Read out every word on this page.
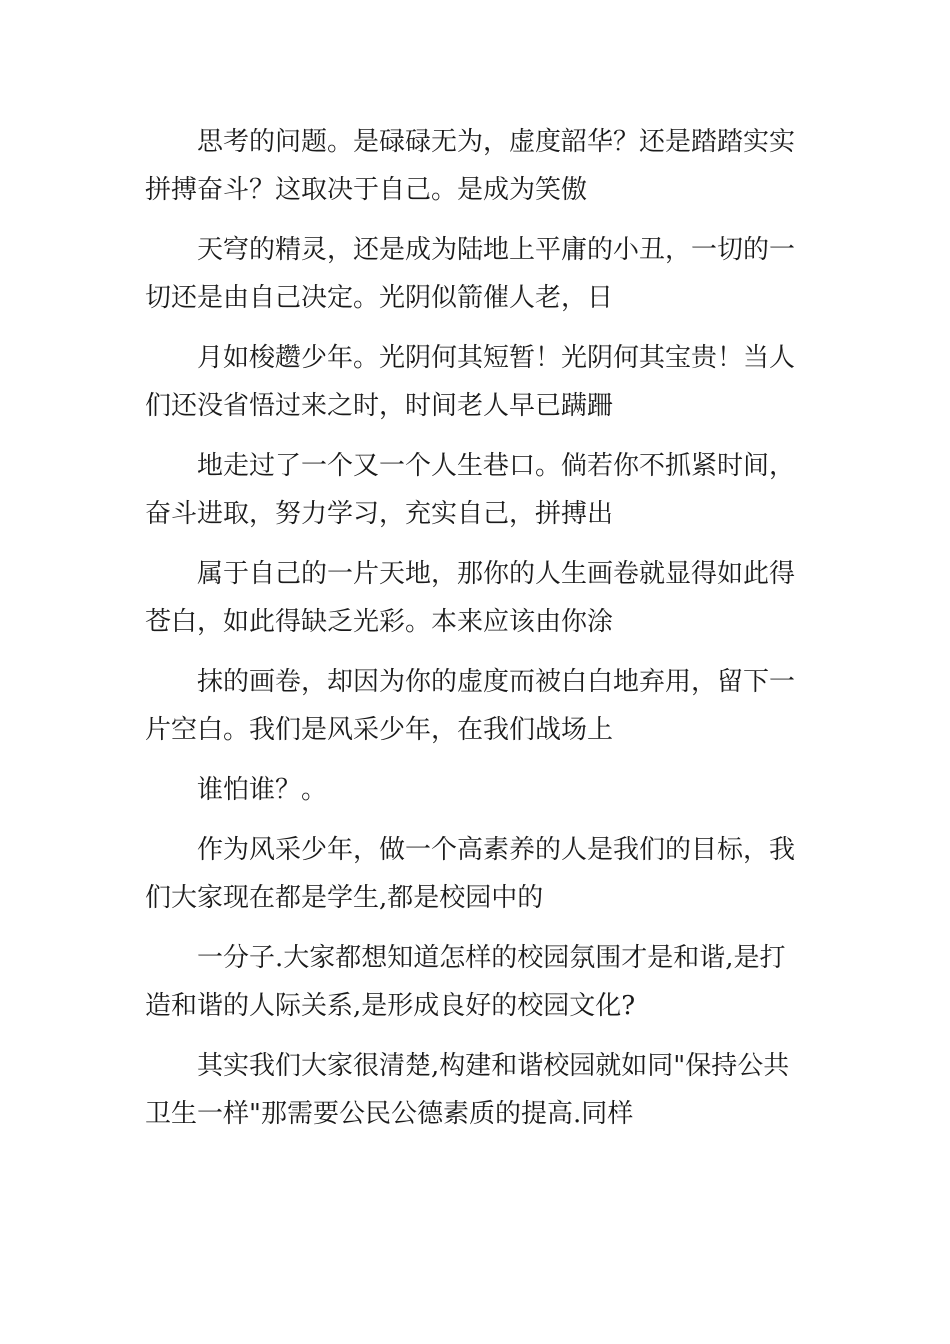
思考的问题。是碌碌无为，虚度韶华？还是踏踏实实
拼搏奋斗？这取决于自己。是成为笑傲
天穹的精灵，还是成为陆地上平庸的小丑，一切的一
切还是由自己决定。光阴似箭催人老，日
月如梭趱少年。光阴何其短暂！光阴何其宝贵！当人
们还没省悟过来之时，时间老人早已蹒跚
地走过了一个又一个人生巷口。倘若你不抓紧时间，
奋斗进取，努力学习，充实自己，拼搏出
属于自己的一片天地，那你的人生画卷就显得如此得
苍白，如此得缺乏光彩。本来应该由你涂
抹的画卷，却因为你的虚度而被白白地弃用，留下一
片空白。我们是风采少年，在我们战场上
谁怕谁？。
作为风采少年，做一个高素养的人是我们的目标，我
们大家现在都是学生,都是校园中的
一分子.大家都想知道怎样的校园氛围才是和谐,是打
造和谐的人际关系,是形成良好的校园文化?
其实我们大家很清楚,构建和谐校园就如同"保持公共
卫生一样"那需要公民公德素质的提高.同样
